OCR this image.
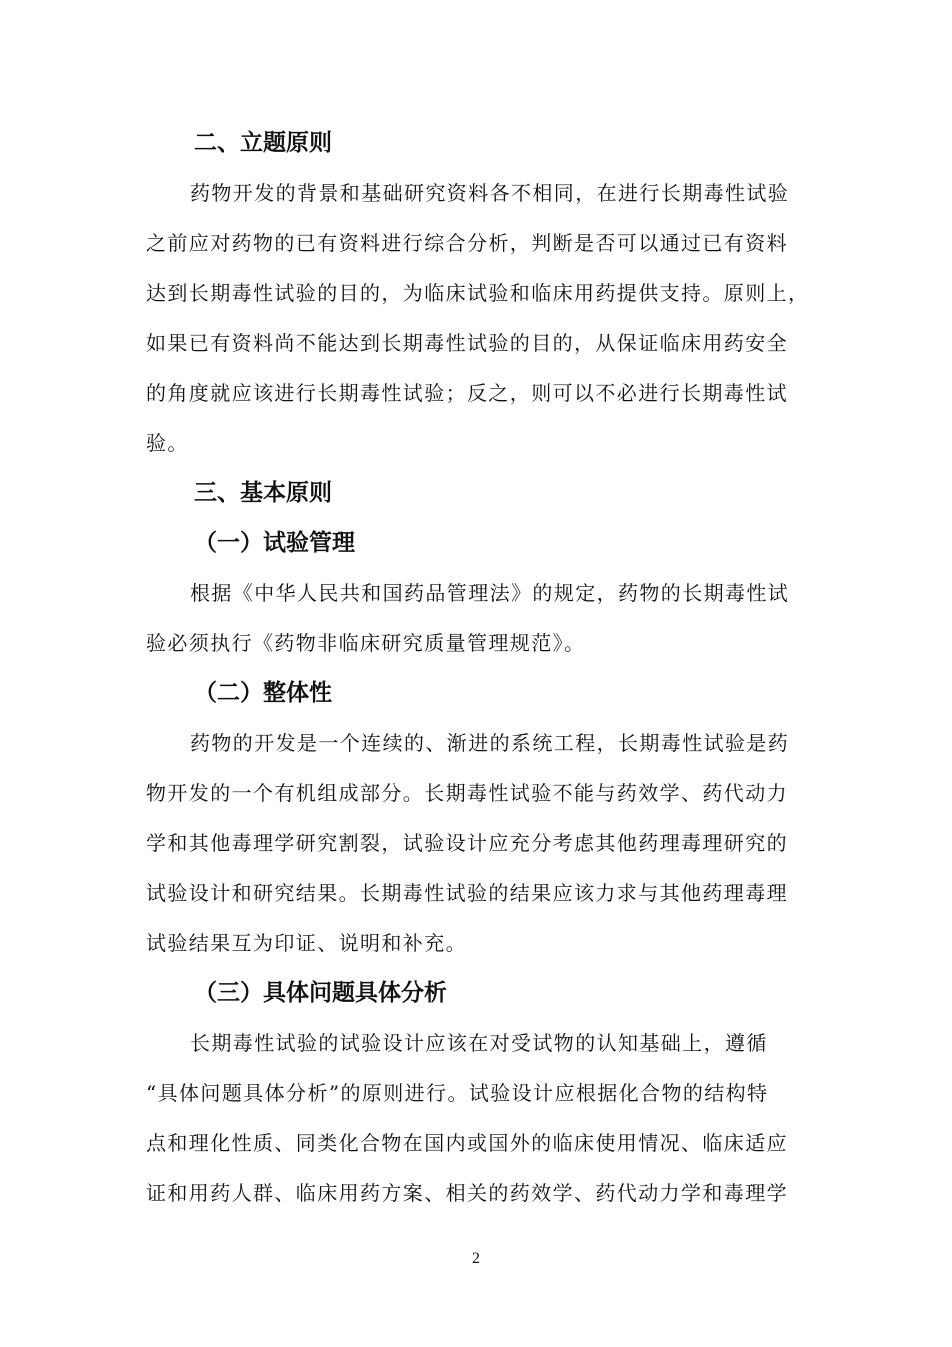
二、立题原则
药物开发的背景和基础研究资料各不相同，在进行长期毒性试验
之前应对药物的已有资料进行综合分析，判断是否可以通过已有资料
达到长期毒性试验的目的，为临床试验和临床用药提供支持。原则上，
如果已有资料尚不能达到长期毒性试验的目的，从保证临床用药安全
的角度就应该进行长期毒性试验；反之，则可以不必进行长期毒性试
验。
三、基本原则
（一）试验管理
根据《中华人民共和国药品管理法》的规定，药物的长期毒性试
验必须执行《药物非临床研究质量管理规范》。
（二）整体性
药物的开发是一个连续的、渐进的系统工程，长期毒性试验是药
物开发的一个有机组成部分。长期毒性试验不能与药效学、药代动力
学和其他毒理学研究割裂，试验设计应充分考虑其他药理毒理研究的
试验设计和研究结果。长期毒性试验的结果应该力求与其他药理毒理
试验结果互为印证、说明和补充。
（三）具体问题具体分析
长期毒性试验的试验设计应该在对受试物的认知基础上，遵循
“具体问题具体分析”的原则进行。试验设计应根据化合物的结构特
点和理化性质、同类化合物在国内或国外的临床使用情况、临床适应
证和用药人群、临床用药方案、相关的药效学、药代动力学和毒理学
2
